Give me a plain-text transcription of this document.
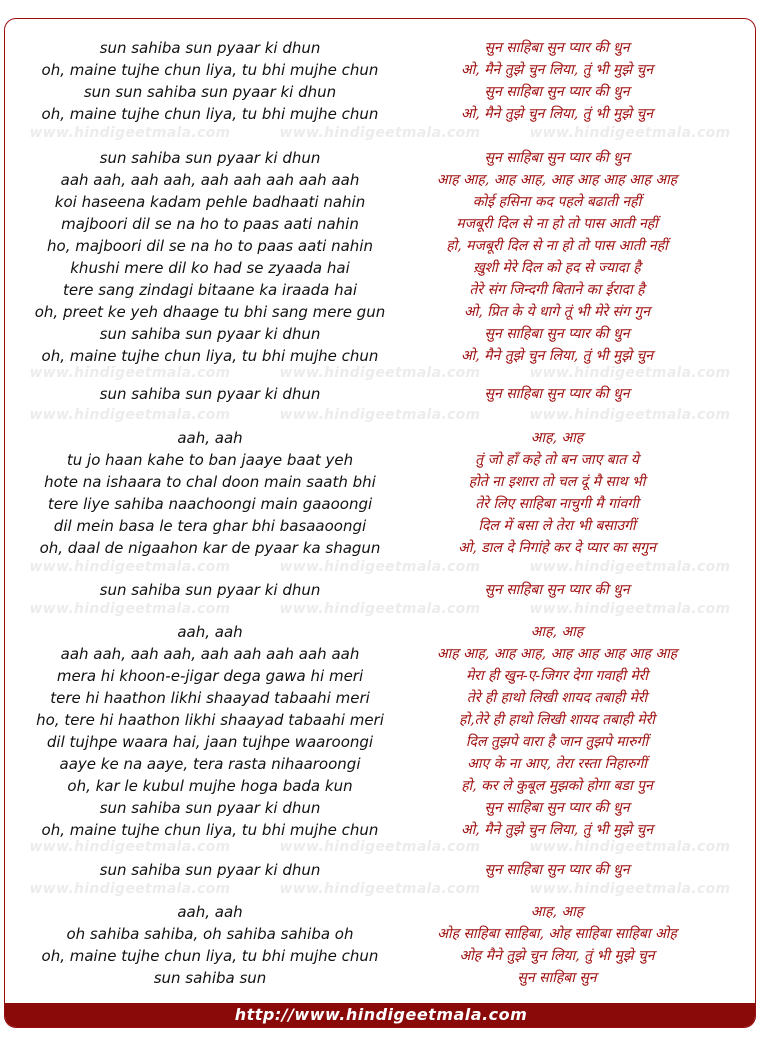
www.hindigeetmala.com	www.hindigeetmala.com	www.hindigeetmala.com
www.hindigeetmala.com	www.hindigeetmala.com	www.hindigeetmala.com
www.hindigeetmala.com	www.hindigeetmala.com	www.hindigeetmala.com
www.hindigeetmala.com	www.hindigeetmala.com	www.hindigeetmala.com
www.hindigeetmala.com	www.hindigeetmala.com	www.hindigeetmala.com
www.hindigeetmala.com	www.hindigeetmala.com	www.hindigeetmala.com
www.hindigeetmala.com	www.hindigeetmala.com	www.hindigeetmala.com
sun sahiba sun pyaar ki dhun	सुन साहिबा सुन प्यार की धुन
oh, maine tujhe chun liya, tu bhi mujhe chun	ओ, मैने तुझे चुन लिया, तुं भी मुझे चुन
sun sun sahiba sun pyaar ki dhun	सुन साहिबा सुन प्यार की धुन
oh, maine tujhe chun liya, tu bhi mujhe chun	ओ, मैने तुझे चुन लिया, तुं भी मुझे चुन
sun sahiba sun pyaar ki dhun	सुन साहिबा सुन प्यार की धुन
aah aah, aah aah, aah aah aah aah aah	आह आह, आह आह, आह आह आह आह आह
koi haseena kadam pehle badhaati nahin	कोई हसिना कद पहले बढाती नहीं
majboori dil se na ho to paas aati nahin	मजबूरी दिल से ना हो तो पास आती नहीं
ho, majboori dil se na ho to paas aati nahin	हो, मजबूरी दिल से ना हो तो पास आती नहीं
khushi mere dil ko had se zyaada hai	ख़ुशी मेरे दिल को हद से ज्यादा है
tere sang zindagi bitaane ka iraada hai	तेरे संग जिन्दगी बिताने का ईरादा है
oh, preet ke yeh dhaage tu bhi sang mere gun	ओ, प्रित के ये धागे तूं भी मेरे संग गुन
sun sahiba sun pyaar ki dhun	सुन साहिबा सुन प्यार की धुन
oh, maine tujhe chun liya, tu bhi mujhe chun	ओ, मैने तुझे चुन लिया, तुं भी मुझे चुन
sun sahiba sun pyaar ki dhun	सुन साहिबा सुन प्यार की धुन
aah, aah	आह, आह
tu jo haan kahe to ban jaaye baat yeh	तुं जो हाँ कहे तो बन जाए बात ये
hote na ishaara to chal doon main saath bhi	होते ना इशारा तो चल दूं मै साथ भी
tere liye sahiba naachoongi main gaaoongi	तेरे लिए साहिबा नाचुगी मै गांवगी
dil mein basa le tera ghar bhi basaaoongi	दिल में बसा ले तेरा भी बसाउगीं
oh, daal de nigaahon kar de pyaar ka shagun	ओ, डाल दे निगांहे कर दे प्यार का सगुन
sun sahiba sun pyaar ki dhun	सुन साहिबा सुन प्यार की धुन
aah, aah	आह, आह
aah aah, aah aah, aah aah aah aah aah	आह आह, आह आह, आह आह आह आह आह
mera hi khoon-e-jigar dega gawa hi meri	मेरा ही खुन-ए-जिगर देगा गवाही मेरी
tere hi haathon likhi shaayad tabaahi meri	तेरे ही हाथो लिखी शायद तबाही मेरी
ho, tere hi haathon likhi shaayad tabaahi meri	हो,तेरे ही हाथो लिखी शायद तबाही मेरी
dil tujhpe waara hai, jaan tujhpe waaroongi	दिल तुझपे वारा है जान तुझपे मारुगीं
aaye ke na aaye, tera rasta nihaaroongi	आए के ना आए, तेरा रस्ता निहारुगीं
oh, kar le kubul mujhe hoga bada kun	हो, कर ले कुबूल मुझको होगा बडा पुन
sun sahiba sun pyaar ki dhun	सुन साहिबा सुन प्यार की धुन
oh, maine tujhe chun liya, tu bhi mujhe chun	ओ, मैने तुझे चुन लिया, तुं भी मुझे चुन
sun sahiba sun pyaar ki dhun	सुन साहिबा सुन प्यार की धुन
aah, aah	आह, आह
oh sahiba sahiba, oh sahiba sahiba oh	ओह साहिबा साहिबा, ओह साहिबा साहिबा ओह
oh, maine tujhe chun liya, tu bhi mujhe chun	ओह मैने तुझे चुन लिया, तुं भी मुझे चुन
sun sahiba sun	सुन साहिबा सुन
http://www.hindigeetmala.com
